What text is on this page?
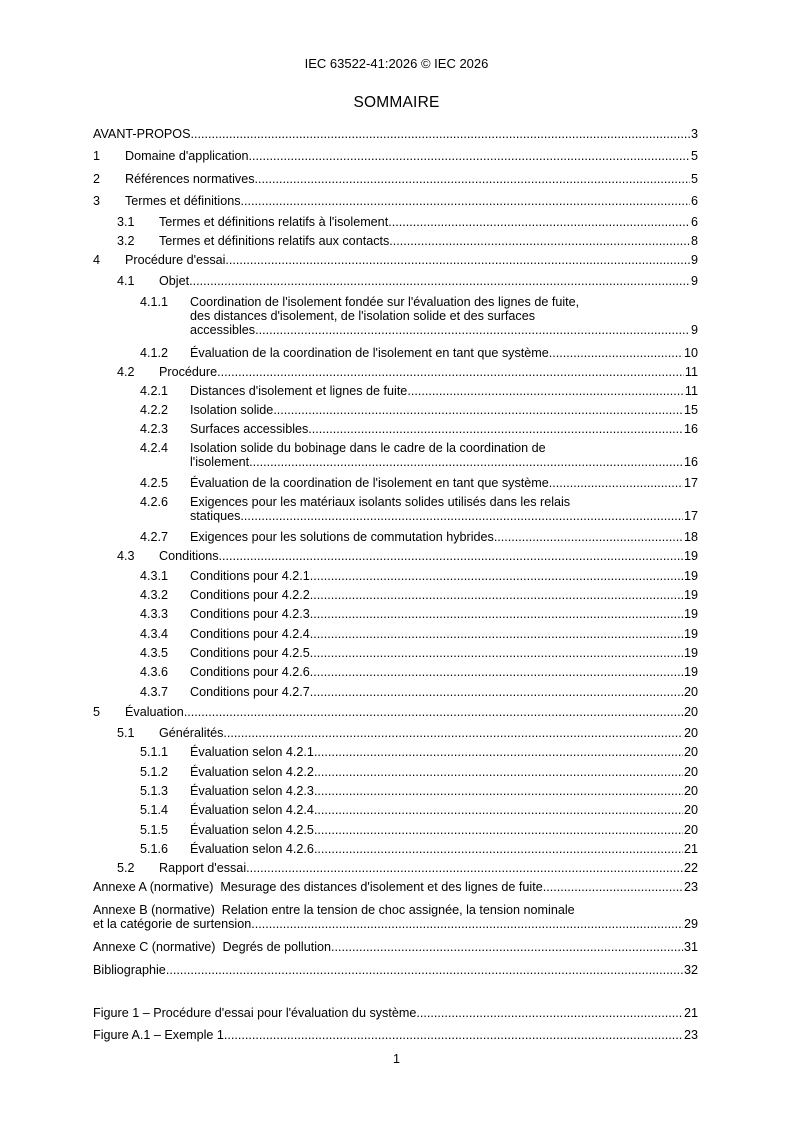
IEC 63522-41:2026 © IEC 2026
SOMMAIRE
AVANT-PROPOS .....	3
1	Domaine d'application .....	5
2	Références normatives .....	5
3	Termes et définitions .....	6
3.1	Termes et définitions relatifs à l'isolement .....	6
3.2	Termes et définitions relatifs aux contacts .....	8
4	Procédure d'essai .....	9
4.1	Objet .....	9
4.1.1	Coordination de l'isolement fondée sur l'évaluation des lignes de fuite,
des distances d'isolement, de l'isolation solide et des surfaces
accessibles .....	9
4.1.2	Évaluation de la coordination de l'isolement en tant que système .....	10
4.2	Procédure .....	11
4.2.1	Distances d'isolement et lignes de fuite .....	11
4.2.2	Isolation solide .....	15
4.2.3	Surfaces accessibles .....	16
4.2.4	Isolation solide du bobinage dans le cadre de la coordination de
l'isolement .....	16
4.2.5	Évaluation de la coordination de l'isolement en tant que système .....	17
4.2.6	Exigences pour les matériaux isolants solides utilisés dans les relais
statiques .....	17
4.2.7	Exigences pour les solutions de commutation hybrides .....	18
4.3	Conditions .....	19
4.3.1	Conditions pour 4.2.1 .....	19
4.3.2	Conditions pour 4.2.2 .....	19
4.3.3	Conditions pour 4.2.3 .....	19
4.3.4	Conditions pour 4.2.4 .....	19
4.3.5	Conditions pour 4.2.5 .....	19
4.3.6	Conditions pour 4.2.6 .....	19
4.3.7	Conditions pour 4.2.7 .....	20
5	Évaluation .....	20
5.1	Généralités .....	20
5.1.1	Évaluation selon 4.2.1 .....	20
5.1.2	Évaluation selon 4.2.2 .....	20
5.1.3	Évaluation selon 4.2.3 .....	20
5.1.4	Évaluation selon 4.2.4 .....	20
5.1.5	Évaluation selon 4.2.5 .....	20
5.1.6	Évaluation selon 4.2.6 .....	21
5.2	Rapport d'essai .....	22
Annexe A (normative)  Mesurage des distances d'isolement et des lignes de fuite .....	23
Annexe B (normative)  Relation entre la tension de choc assignée, la tension nominale
et la catégorie de surtension .....	29
Annexe C (normative)  Degrés de pollution .....	31
Bibliographie .....	32
Figure 1 – Procédure d'essai pour l'évaluation du système .....	21
Figure A.1 – Exemple 1 .....	23
1
